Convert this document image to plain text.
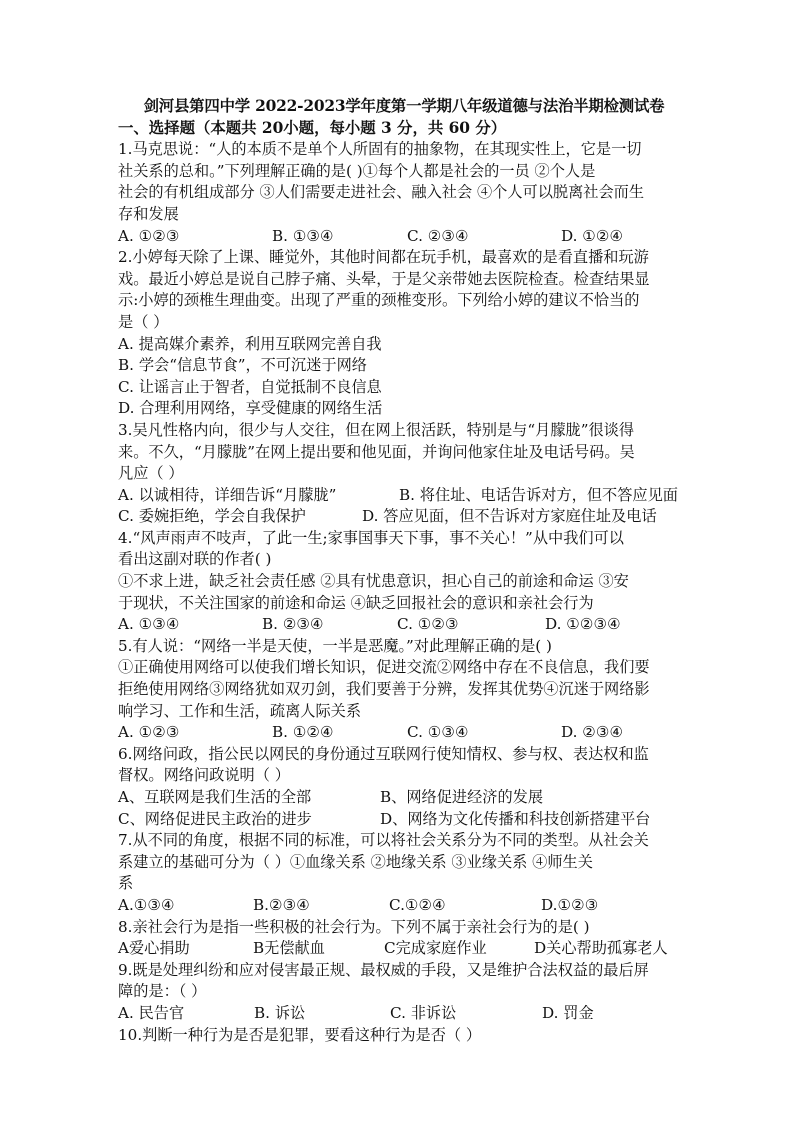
剑河县第四中学 2022-2023学年度第一学期八年级道德与法治半期检测试卷
一、选择题（本题共 20小题，每小题 3 分，共 60 分）
1.马克思说：“人的本质不是单个人所固有的抽象物，在其现实性上，它是一切
社关系的总和。”下列理解正确的是( )①每个人都是社会的一员 ②个人是
社会的有机组成部分 ③人们需要走进社会、融入社会 ④个人可以脱离社会而生
存和发展
A. ①②③	B. ①③④	C. ②③④	D. ①②④
2.小婷每天除了上课、睡觉外，其他时间都在玩手机，最喜欢的是看直播和玩游
戏。最近小婷总是说自己脖子痛、头晕，于是父亲带她去医院检查。检查结果显
示:小婷的颈椎生理曲变。出现了严重的颈椎变形。下列给小婷的建议不恰当的
是（ ）
A. 提高媒介素养，利用互联网完善自我
B. 学会“信息节食”，不可沉迷于网络
C. 让谣言止于智者，自觉抵制不良信息
D. 合理利用网络，享受健康的网络生活
3.吴凡性格内向，很少与人交往，但在网上很活跃，特别是与“月朦胧”很谈得
来。不久，“月朦胧”在网上提出要和他见面，并询问他家住址及电话号码。吴
凡应（ ）
A. 以诚相待，详细告诉“月朦胧”	B. 将住址、电话告诉对方，但不答应见面
C. 委婉拒绝，学会自我保护	D. 答应见面，但不告诉对方家庭住址及电话
4.“风声雨声不吱声，了此一生;家事国事天下事，事不关心！”从中我们可以
看出这副对联的作者( )
①不求上进，缺乏社会责任感 ②具有忧患意识，担心自己的前途和命运 ③安
于现状，不关注国家的前途和命运 ④缺乏回报社会的意识和亲社会行为
A. ①③④	B. ②③④	C. ①②③	D. ①②③④
5.有人说：“网络一半是天使，一半是恶魔。”对此理解正确的是( )
①正确使用网络可以使我们增长知识，促进交流②网络中存在不良信息，我们要
拒绝使用网络③网络犹如双刃剑，我们要善于分辨，发挥其优势④沉迷于网络影
响学习、工作和生活，疏离人际关系
A. ①②③	B. ①②④	C. ①③④	D. ②③④
6.网络问政，指公民以网民的身份通过互联网行使知情权、参与权、表达权和监
督权。网络问政说明（ ）
A、互联网是我们生活的全部	B、网络促进经济的发展
C、网络促进民主政治的进步	D、网络为文化传播和科技创新搭建平台
7.从不同的角度，根据不同的标准，可以将社会关系分为不同的类型。从社会关
系建立的基础可分为（ ）①血缘关系 ②地缘关系 ③业缘关系 ④师生关
系
A.①③④	B.②③④	C.①②④	D.①②③
8.亲社会行为是指一些积极的社会行为。下列不属于亲社会行为的是( )
A爱心捐助	B无偿献血	C完成家庭作业	D关心帮助孤寡老人
9.既是处理纠纷和应对侵害最正规、最权威的手段，又是维护合法权益的最后屏
障的是：（ ）
A. 民告官	B. 诉讼	C. 非诉讼	D. 罚金
10.判断一种行为是否是犯罪，要看这种行为是否（ ）
